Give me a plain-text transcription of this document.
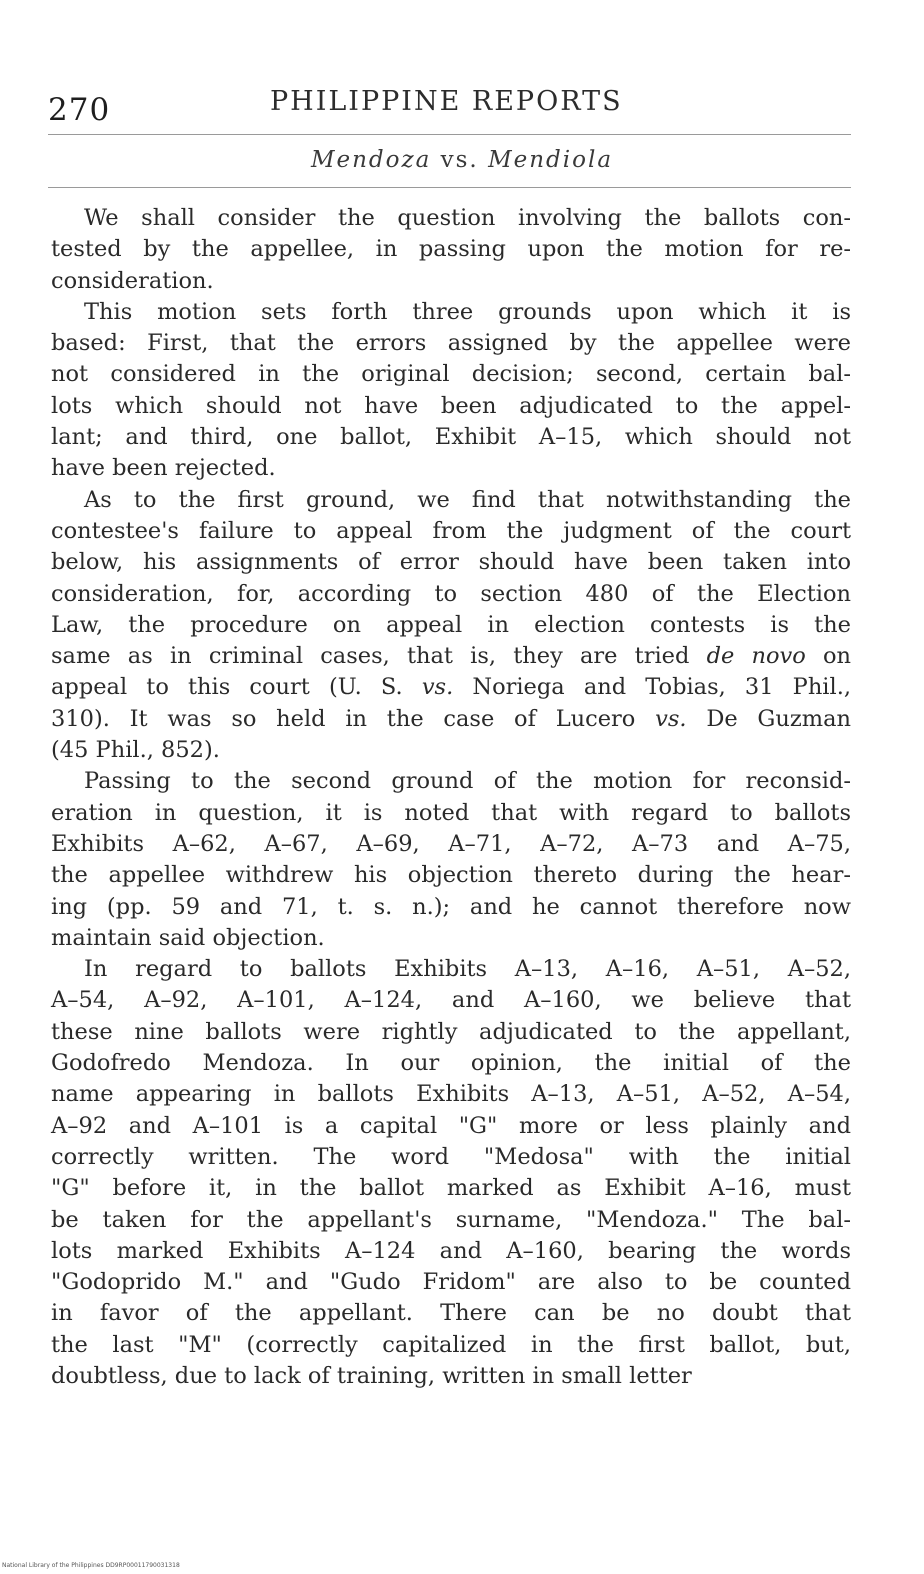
270	PHILIPPINE REPORTS
Mendoza vs. Mendiola
We shall consider the question involving the ballots con-
tested by the appellee, in passing upon the motion for re-
consideration.
This motion sets forth three grounds upon which it is
based: First, that the errors assigned by the appellee were
not considered in the original decision; second, certain bal-
lots which should not have been adjudicated to the appel-
lant; and third, one ballot, Exhibit A–15, which should not
have been rejected.
As to the first ground, we find that notwithstanding the
contestee's failure to appeal from the judgment of the court
below, his assignments of error should have been taken into
consideration, for, according to section 480 of the Election
Law, the procedure on appeal in election contests is the
same as in criminal cases, that is, they are tried de novo on
appeal to this court (U. S. vs. Noriega and Tobias, 31 Phil.,
310). It was so held in the case of Lucero vs. De Guzman
(45 Phil., 852).
Passing to the second ground of the motion for reconsid-
eration in question, it is noted that with regard to ballots
Exhibits A–62, A–67, A–69, A–71, A–72, A–73 and A–75,
the appellee withdrew his objection thereto during the hear-
ing (pp. 59 and 71, t. s. n.); and he cannot therefore now
maintain said objection.
In regard to ballots Exhibits A–13, A–16, A–51, A–52,
A–54, A–92, A–101, A–124, and A–160, we believe that
these nine ballots were rightly adjudicated to the appellant,
Godofredo Mendoza. In our opinion, the initial of the
name appearing in ballots Exhibits A–13, A–51, A–52, A–54,
A–92 and A–101 is a capital "G" more or less plainly and
correctly written. The word "Medosa" with the initial
"G" before it, in the ballot marked as Exhibit A–16, must
be taken for the appellant's surname, "Mendoza." The bal-
lots marked Exhibits A–124 and A–160, bearing the words
"Godoprido M." and "Gudo Fridom" are also to be counted
in favor of the appellant. There can be no doubt that
the last "M" (correctly capitalized in the first ballot, but,
doubtless, due to lack of training, written in small letter
National Library of the Philippines DD9RP00011790031318
